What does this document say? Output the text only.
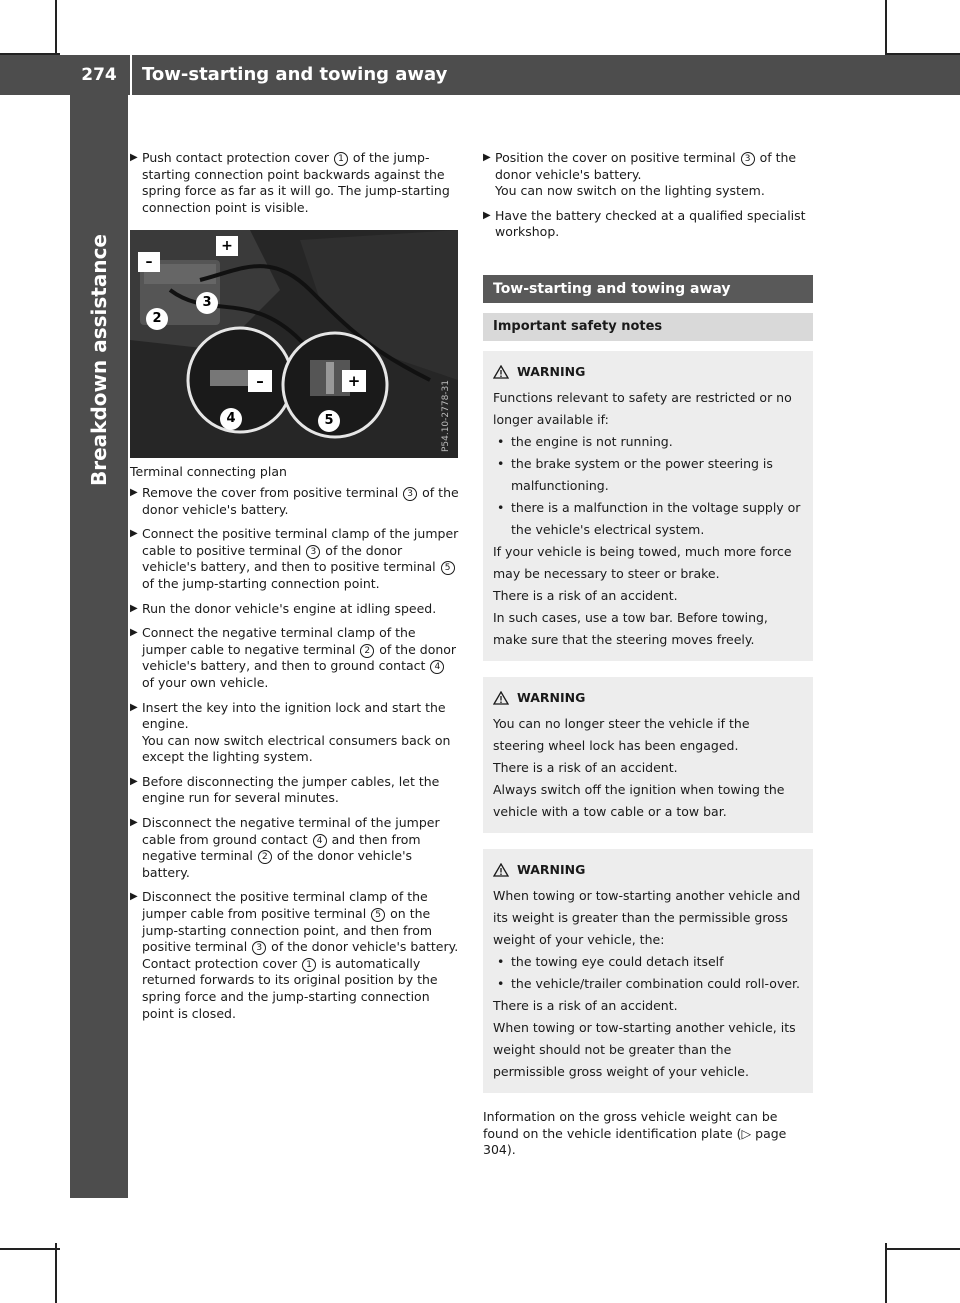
274	Tow-starting and towing away
Breakdown assistance
▶ Push contact protection cover 1 of the jump-starting connection point backwards against the spring force as far as it will go. The jump-starting connection point is visible.
–
+
2
3
–	+
4	5	P54.10-2778-31

Terminal connecting plan

▶ Remove the cover from positive terminal 3 of the donor vehicle's battery.
▶ Connect the positive terminal clamp of the jumper cable to positive terminal 3 of the donor vehicle's battery, and then to positive terminal 5 of the jump-starting connection point.
▶ Run the donor vehicle's engine at idling speed.
▶ Connect the negative terminal clamp of the jumper cable to negative terminal 2 of the donor vehicle's battery, and then to ground contact 4 of your own vehicle.
▶ Insert the key into the ignition lock and start the engine.
You can now switch electrical consumers back on except the lighting system.
▶ Before disconnecting the jumper cables, let the engine run for several minutes.
▶ Disconnect the negative terminal of the jumper cable from ground contact 4 and then from negative terminal 2 of the donor vehicle's battery.
▶ Disconnect the positive terminal clamp of the jumper cable from positive terminal 5 on the jump-starting connection point, and then from positive terminal 3 of the donor vehicle's battery.
Contact protection cover 1 is automatically returned forwards to its original position by the spring force and the jump-starting connection point is closed.
▶ Position the cover on positive terminal 3 of the donor vehicle's battery.
You can now switch on the lighting system.
▶ Have the battery checked at a qualified specialist workshop.
Tow-starting and towing away
Important safety notes
WARNING

Functions relevant to safety are restricted or no longer available if:

• the engine is not running.
• the brake system or the power steering is malfunctioning.
• there is a malfunction in the voltage supply or the vehicle's electrical system.

If your vehicle is being towed, much more force may be necessary to steer or brake.

There is a risk of an accident.

In such cases, use a tow bar. Before towing, make sure that the steering moves freely.

WARNING

You can no longer steer the vehicle if the steering wheel lock has been engaged.

There is a risk of an accident.

Always switch off the ignition when towing the vehicle with a tow cable or a tow bar.

WARNING

When towing or tow-starting another vehicle and its weight is greater than the permissible gross weight of your vehicle, the:

• the towing eye could detach itself
• the vehicle/trailer combination could roll-over.

There is a risk of an accident.

When towing or tow-starting another vehicle, its weight should not be greater than the permissible gross weight of your vehicle.

Information on the gross vehicle weight can be found on the vehicle identification plate (▷ page 304).
